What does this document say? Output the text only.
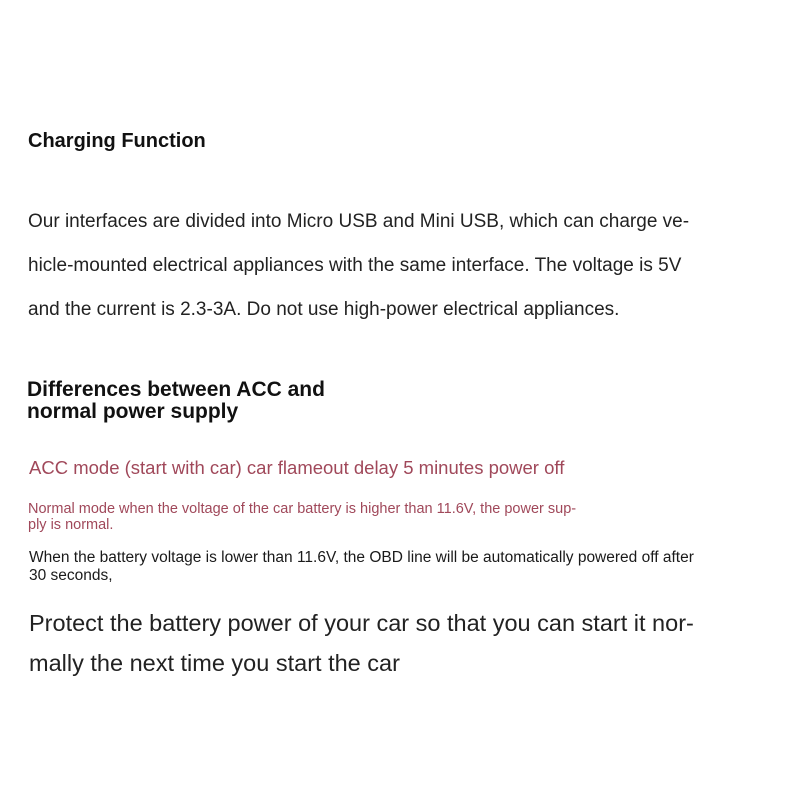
Charging Function

Our interfaces are divided into Micro USB and Mini USB, which can charge ve-
hicle-mounted electrical appliances with the same interface. The voltage is 5V
and the current is 2.3-3A. Do not use high-power electrical appliances.

Differences between ACC and
normal power supply

ACC mode (start with car) car flameout delay 5 minutes power off

Normal mode when the voltage of the car battery is higher than 11.6V, the power sup-
ply is normal.

When the battery voltage is lower than 11.6V, the OBD line will be automatically powered off after
30 seconds,

Protect the battery power of your car so that you can start it nor-
mally the next time you start the car
